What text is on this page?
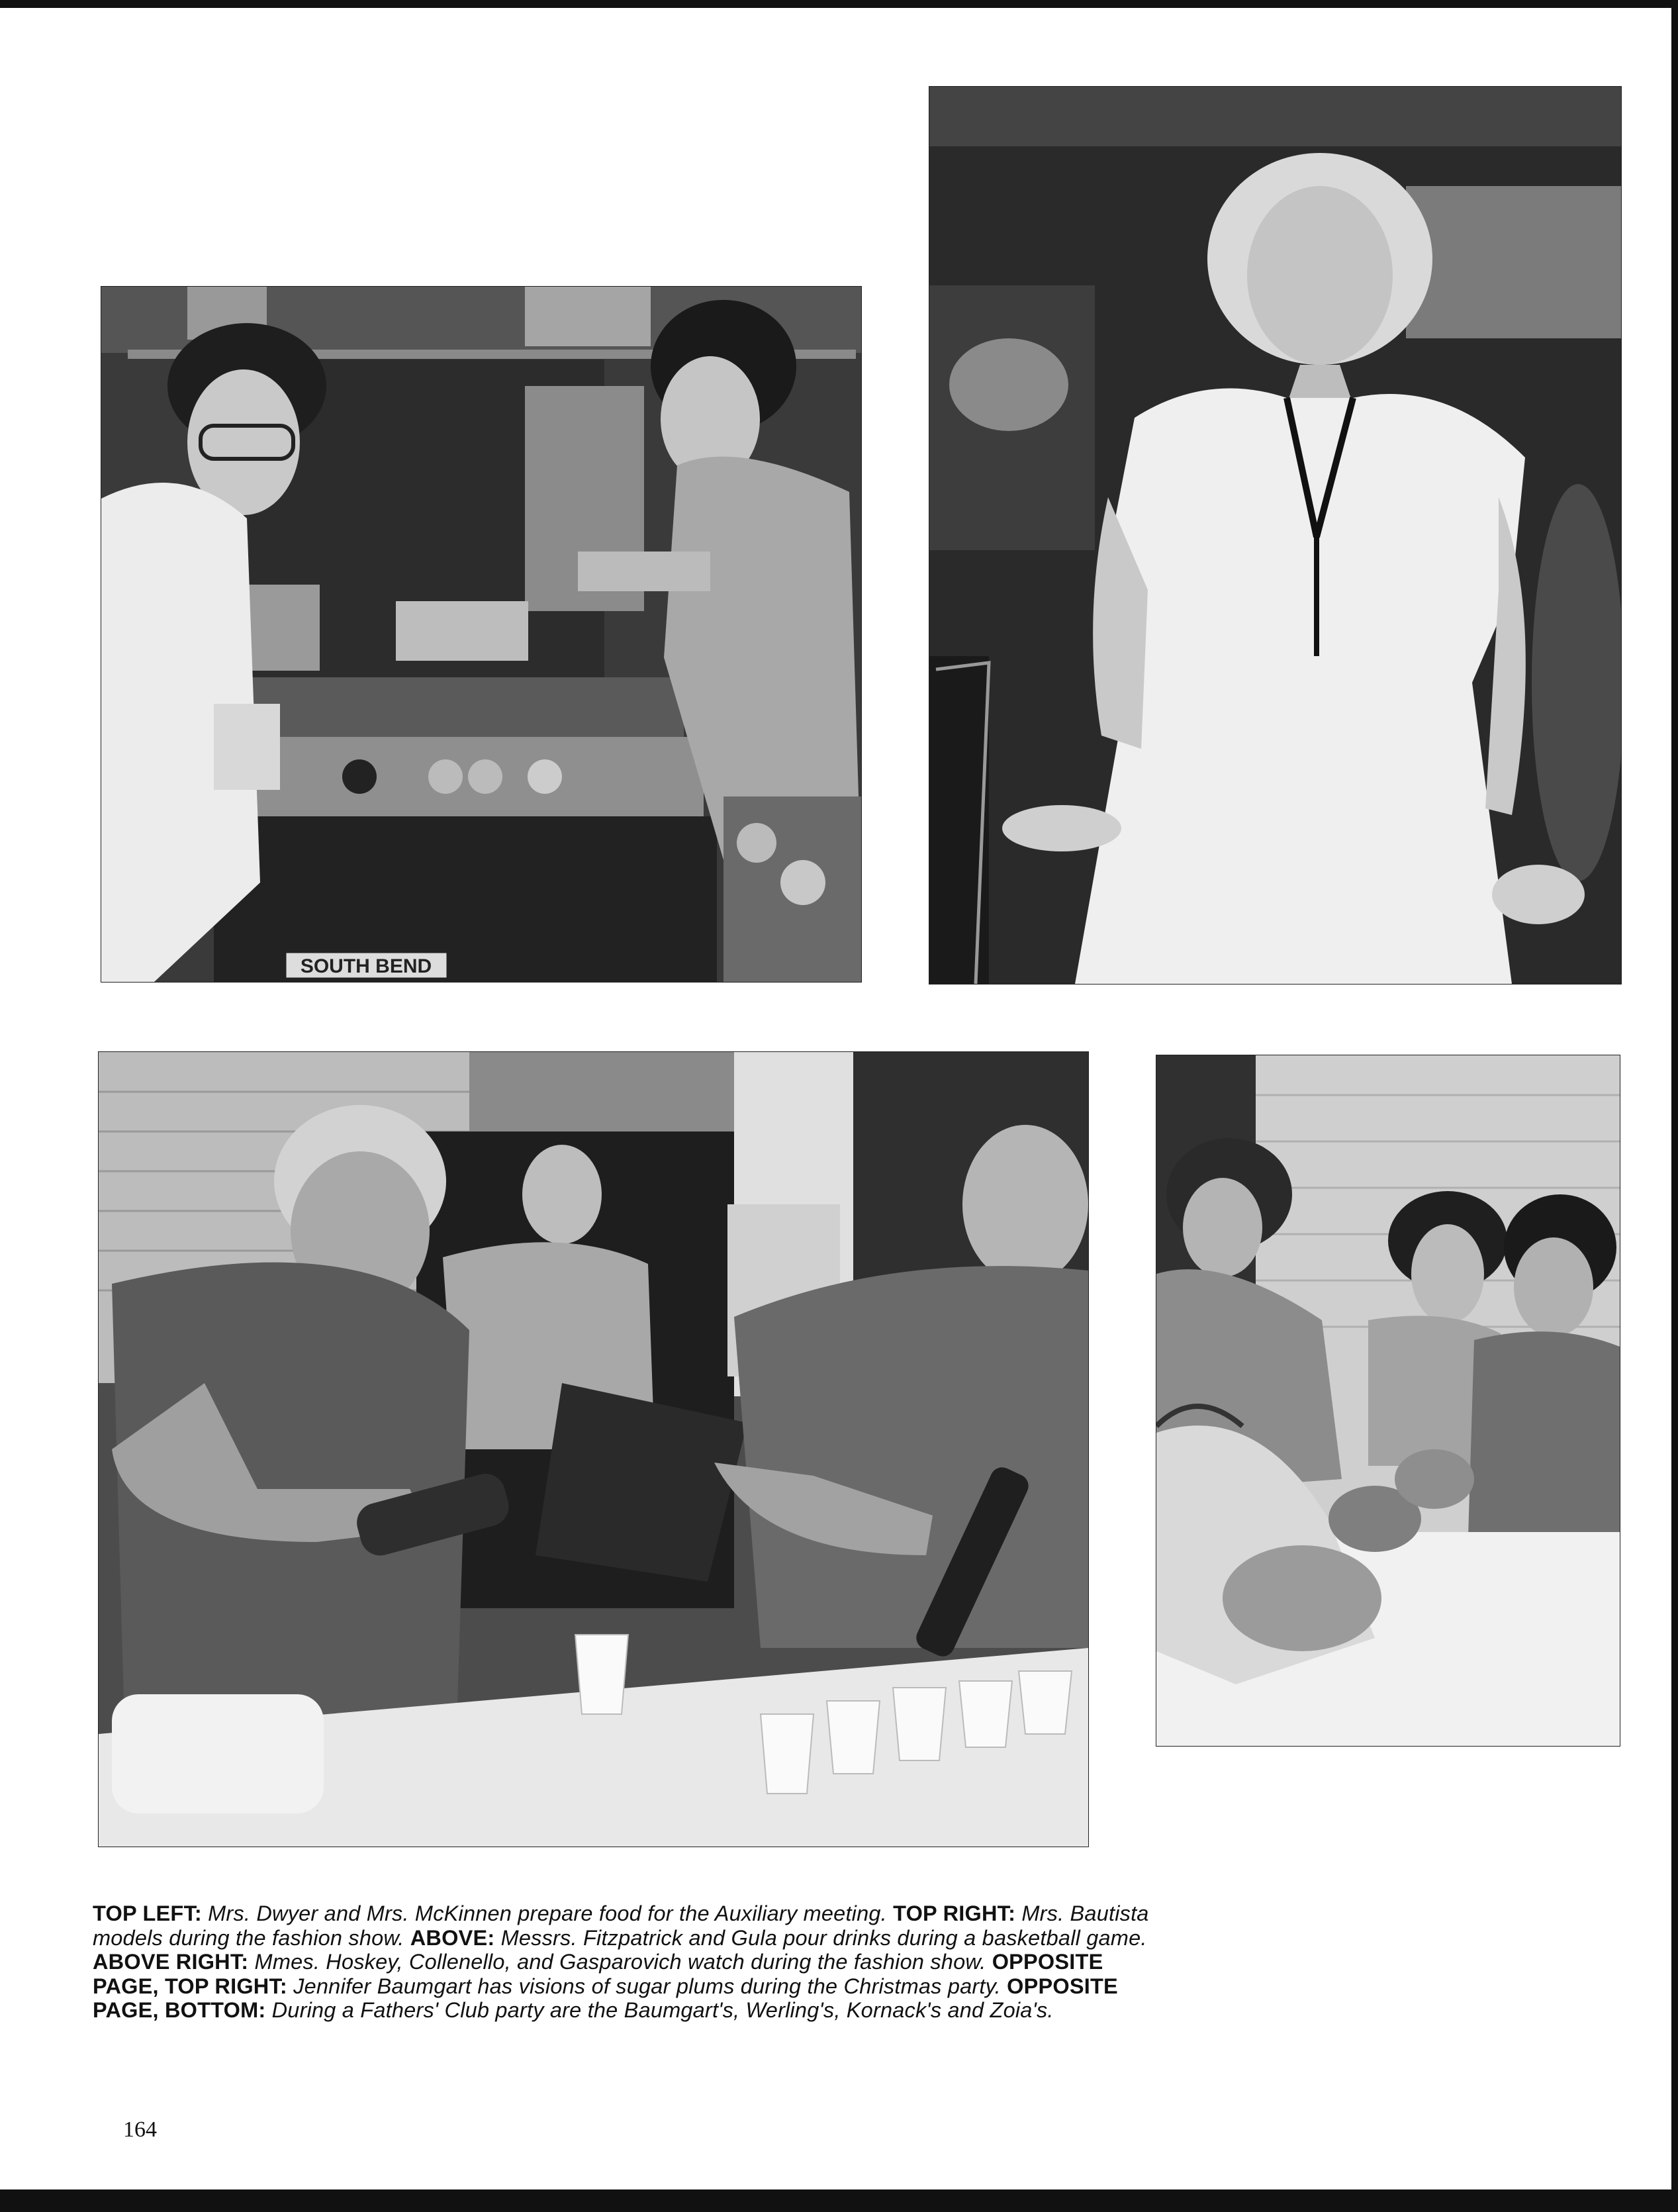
SOUTH BEND
TOP LEFT: Mrs. Dwyer and Mrs. McKinnen prepare food for the Auxiliary meeting. TOP RIGHT: Mrs. Bautista models during the fashion show. ABOVE: Messrs. Fitzpatrick and Gula pour drinks during a basketball game. ABOVE RIGHT: Mmes. Hoskey, Collenello, and Gasparovich watch during the fashion show. OPPOSITE PAGE, TOP RIGHT: Jennifer Baumgart has visions of sugar plums during the Christmas party. OPPOSITE PAGE, BOTTOM: During a Fathers' Club party are the Baumgart's, Werling's, Kornack's and Zoia's.
164
